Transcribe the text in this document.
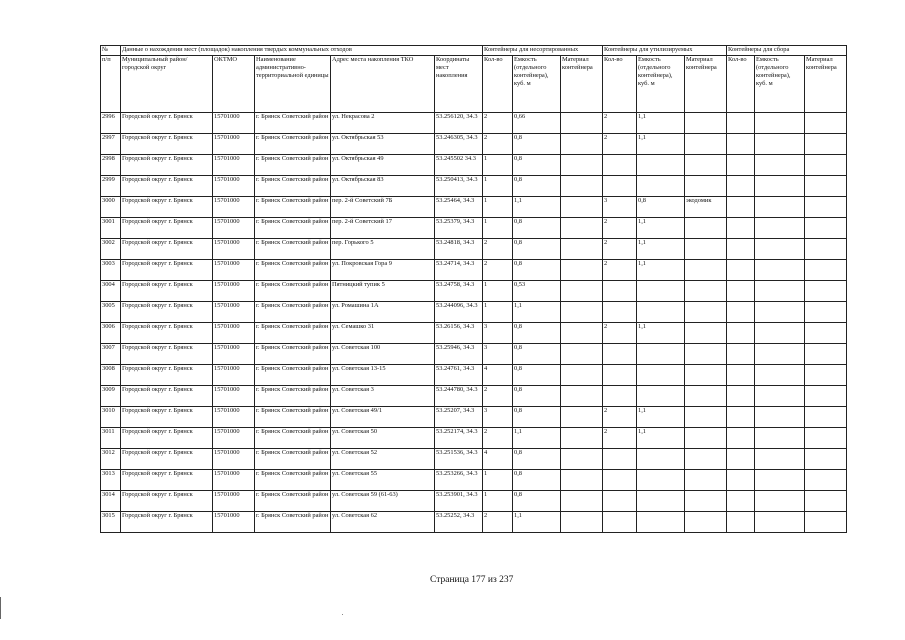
№	Данные о нахождении мест (площадок) накопления твердых коммунальных отходов					Контейнеры для несортированных			Контейнеры для утилизируемых			Контейнеры для сбора		
п/п	Муниципальный район/городской округ	ОКТМО	Наименование административно-территориальной единицы	Адрес места накопления ТКО	Координаты мест накопления	Кол-во	Емкость (отдельного контейнера), куб. м	Материал контейнера	Кол-во	Емкость (отдельного контейнера), куб. м	Материал контейнера	Кол-во	Емкость (отдельного контейнера), куб. м	Материал контейнера
2996	Городской округ г. Брянск	15701000	г. Брянск Советский район	ул. Некрасова 2	53.256120, 34.3	2	0,66		2	1,1				
2997	Городской округ г. Брянск	15701000	г. Брянск Советский район	ул. Октябрьская 53	53.246305, 34.3	2	0,8		2	1,1				
2998	Городской округ г. Брянск	15701000	г. Брянск Советский район	ул. Октябрьская 49	53.245502 34.3	1	0,8							
2999	Городской округ г. Брянск	15701000	г. Брянск Советский район	ул. Октябрьская 83	53.250413, 34.3	1	0,8							
3000	Городской округ г. Брянск	15701000	г. Брянск Советский район	пер. 2-й Советский 7Б	53.25464, 34.3	1	1,1		3	0,8	экодомик			
3001	Городской округ г. Брянск	15701000	г. Брянск Советский район	пер. 2-й Советский 17	53.25379, 34.3	1	0,8		2	1,1				
3002	Городской округ г. Брянск	15701000	г. Брянск Советский район	пер. Горького 5	53.24818, 34.3	2	0,8		2	1,1				
3003	Городской округ г. Брянск	15701000	г. Брянск Советский район	ул. Покровская Гора 9	53.24714, 34.3	2	0,8		2	1,1				
3004	Городской округ г. Брянск	15701000	г. Брянск Советский район	Пятницкий тупик 5	53.24758, 34.3	1	0,53							
3005	Городской округ г. Брянск	15701000	г. Брянск Советский район	ул. Ромашина 1А	53.244096, 34.3	1	1,1							
3006	Городской округ г. Брянск	15701000	г. Брянск Советский район	ул. Семашко 31	53.26156, 34.3	3	0,8		2	1,1				
3007	Городской округ г. Брянск	15701000	г. Брянск Советский район	ул. Советская 100	53.25946, 34.3	3	0,8							
3008	Городской округ г. Брянск	15701000	г. Брянск Советский район	ул. Советская 13-15	53.24761, 34.3	4	0,8							
3009	Городской округ г. Брянск	15701000	г. Брянск Советский район	ул. Советская 3	53.244780, 34.3	2	0,8							
3010	Городской округ г. Брянск	15701000	г. Брянск Советский район	ул. Советская 49/1	53.25207, 34.3	3	0,8		2	1,1				
3011	Городской округ г. Брянск	15701000	г. Брянск Советский район	ул. Советская 50	53.252174, 34.3	2	1,1		2	1,1				
3012	Городской округ г. Брянск	15701000	г. Брянск Советский район	ул. Советская 52	53.251536, 34.3	4	0,8							
3013	Городской округ г. Брянск	15701000	г. Брянск Советский район	ул. Советская 55	53.253266, 34.3	1	0,8							
3014	Городской округ г. Брянск	15701000	г. Брянск Советский район	ул. Советская 59 (61-63)	53.253901, 34.3	1	0,8							
3015	Городской округ г. Брянск	15701000	г. Брянск Советский район	ул. Советская 62	53.25252, 34.3	2	1,1							
Страница 177 из 237
